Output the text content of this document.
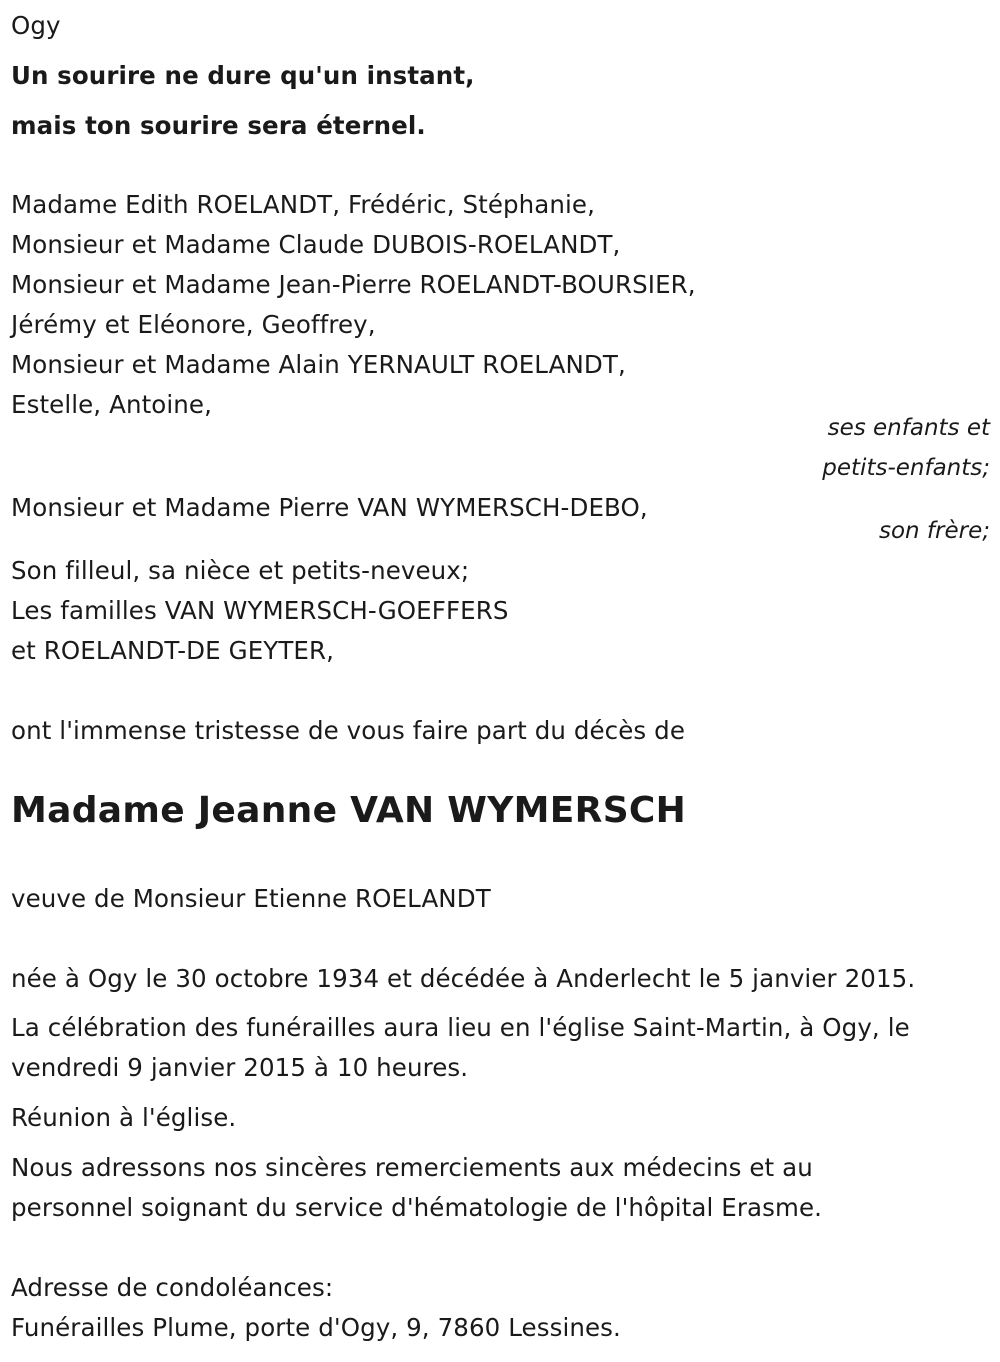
Ogy
Un sourire ne dure qu'un instant,
mais ton sourire sera éternel.
Madame Edith ROELANDT, Frédéric, Stéphanie,
Monsieur et Madame Claude DUBOIS-ROELANDT,
Monsieur et Madame Jean-Pierre ROELANDT-BOURSIER,
Jérémy et Eléonore, Geoffrey,
Monsieur et Madame Alain YERNAULT ROELANDT,
Estelle, Antoine,
ses enfants et
petits-enfants;
Monsieur et Madame Pierre VAN WYMERSCH-DEBO,
son frère;
Son filleul, sa nièce et petits-neveux;
Les familles VAN WYMERSCH-GOEFFERS
et ROELANDT-DE GEYTER,
ont l'immense tristesse de vous faire part du décès de
Madame Jeanne VAN WYMERSCH
veuve de Monsieur Etienne ROELANDT
née à Ogy le 30 octobre 1934 et décédée à Anderlecht le 5 janvier 2015.
La célébration des funérailles aura lieu en l'église Saint-Martin, à Ogy, le
vendredi 9 janvier 2015 à 10 heures.
Réunion à l'église.
Nous adressons nos sincères remerciements aux médecins et au
personnel soignant du service d'hématologie de l'hôpital Erasme.
Adresse de condoléances:
Funérailles Plume, porte d'Ogy, 9, 7860 Lessines.
